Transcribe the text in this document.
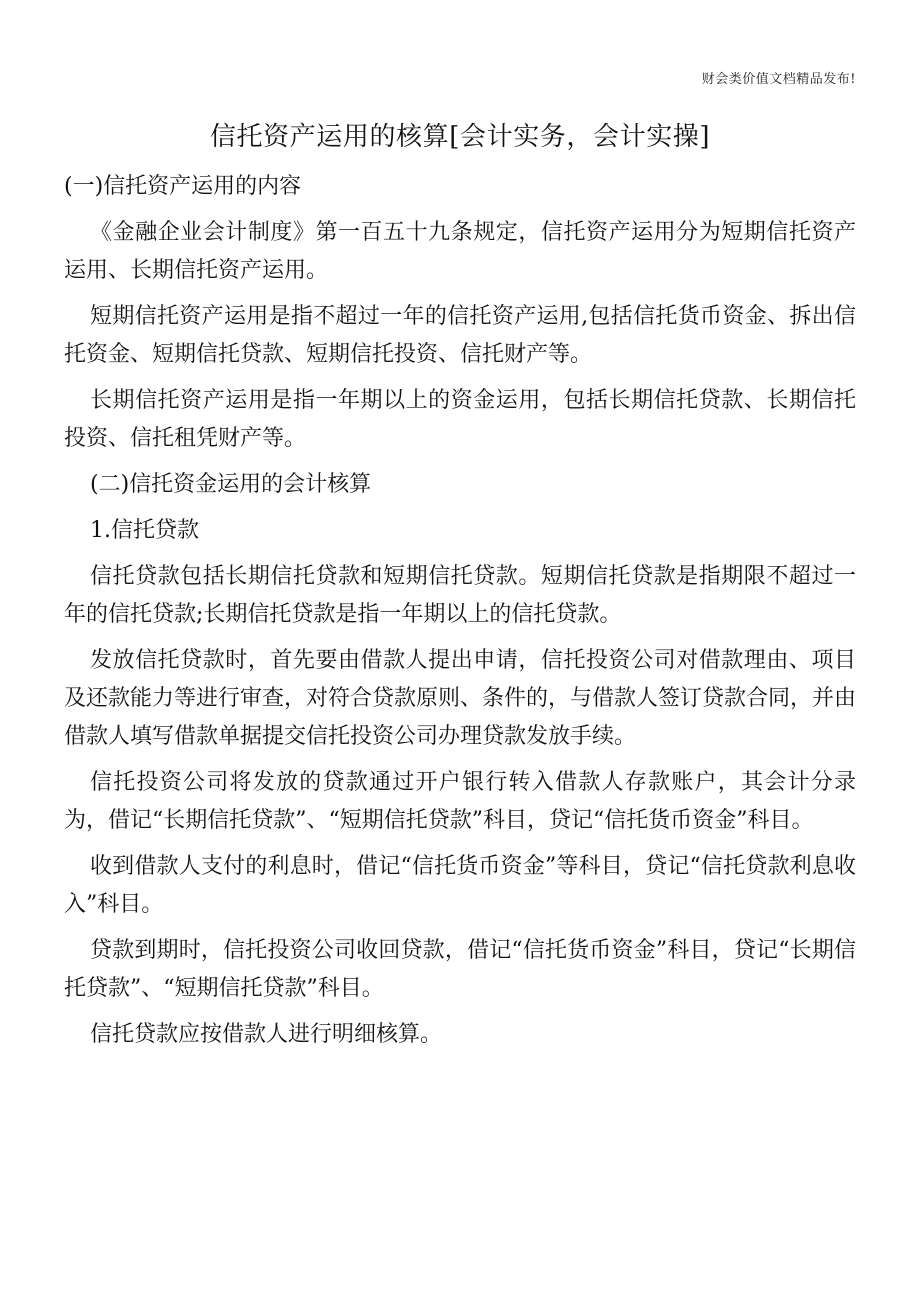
财会类价值文档精品发布!
信托资产运用的核算[会计实务，会计实操]

(一)信托资产运用的内容

《金融企业会计制度》第一百五十九条规定，信托资产运用分为短期信托资产运用、长期信托资产运用。

短期信托资产运用是指不超过一年的信托资产运用,包括信托货币资金、拆出信托资金、短期信托贷款、短期信托投资、信托财产等。

长期信托资产运用是指一年期以上的资金运用，包括长期信托贷款、长期信托投资、信托租凭财产等。

(二)信托资金运用的会计核算

1.信托贷款

信托贷款包括长期信托贷款和短期信托贷款。短期信托贷款是指期限不超过一年的信托贷款;长期信托贷款是指一年期以上的信托贷款。

发放信托贷款时，首先要由借款人提出申请，信托投资公司对借款理由、项目及还款能力等进行审查，对符合贷款原则、条件的，与借款人签订贷款合同，并由借款人填写借款单据提交信托投资公司办理贷款发放手续。

信托投资公司将发放的贷款通过开户银行转入借款人存款账户，其会计分录为，借记“长期信托贷款”、“短期信托贷款”科目，贷记“信托货币资金”科目。

收到借款人支付的利息时，借记“信托货币资金”等科目，贷记“信托贷款利息收入”科目。

贷款到期时，信托投资公司收回贷款，借记“信托货币资金”科目，贷记“长期信托贷款”、“短期信托贷款”科目。

信托贷款应按借款人进行明细核算。
